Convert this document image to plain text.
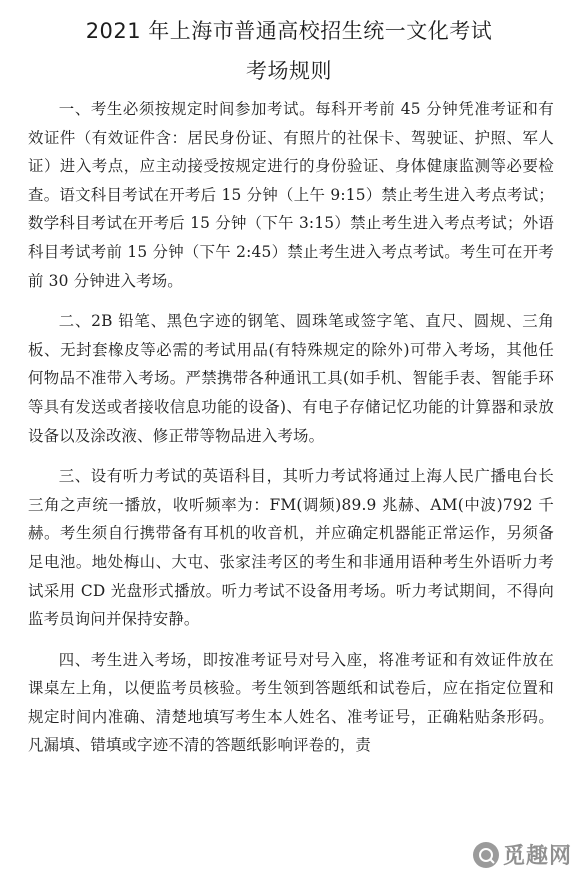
2021 年上海市普通高校招生统一文化考试
考场规则

一、考生必须按规定时间参加考试。每科开考前 45 分钟凭准考证和有效证件（有效证件含：居民身份证、有照片的社保卡、驾驶证、护照、军人证）进入考点，应主动接受按规定进行的身份验证、身体健康监测等必要检查。语文科目考试在开考后 15 分钟（上午 9:15）禁止考生进入考点考试；数学科目考试在开考后 15 分钟（下午 3:15）禁止考生进入考点考试；外语科目考试考前 15 分钟（下午 2:45）禁止考生进入考点考试。考生可在开考前 30 分钟进入考场。

二、2B 铅笔、黑色字迹的钢笔、圆珠笔或签字笔、直尺、圆规、三角板、无封套橡皮等必需的考试用品(有特殊规定的除外)可带入考场，其他任何物品不准带入考场。严禁携带各种通讯工具(如手机、智能手表、智能手环等具有发送或者接收信息功能的设备)、有电子存储记忆功能的计算器和录放设备以及涂改液、修正带等物品进入考场。

三、设有听力考试的英语科目，其听力考试将通过上海人民广播电台长三角之声统一播放，收听频率为：FM(调频)89.9 兆赫、AM(中波)792 千赫。考生须自行携带备有耳机的收音机，并应确定机器能正常运作，另须备足电池。地处梅山、大屯、张家洼考区的考生和非通用语种考生外语听力考试采用 CD 光盘形式播放。听力考试不设备用考场。听力考试期间，不得向监考员询问并保持安静。

四、考生进入考场，即按准考证号对号入座，将准考证和有效证件放在课桌左上角，以便监考员核验。考生领到答题纸和试卷后，应在指定位置和规定时间内准确、清楚地填写考生本人姓名、准考证号，正确粘贴条形码。凡漏填、错填或字迹不清的答题纸影响评卷的，责

觅趣网
